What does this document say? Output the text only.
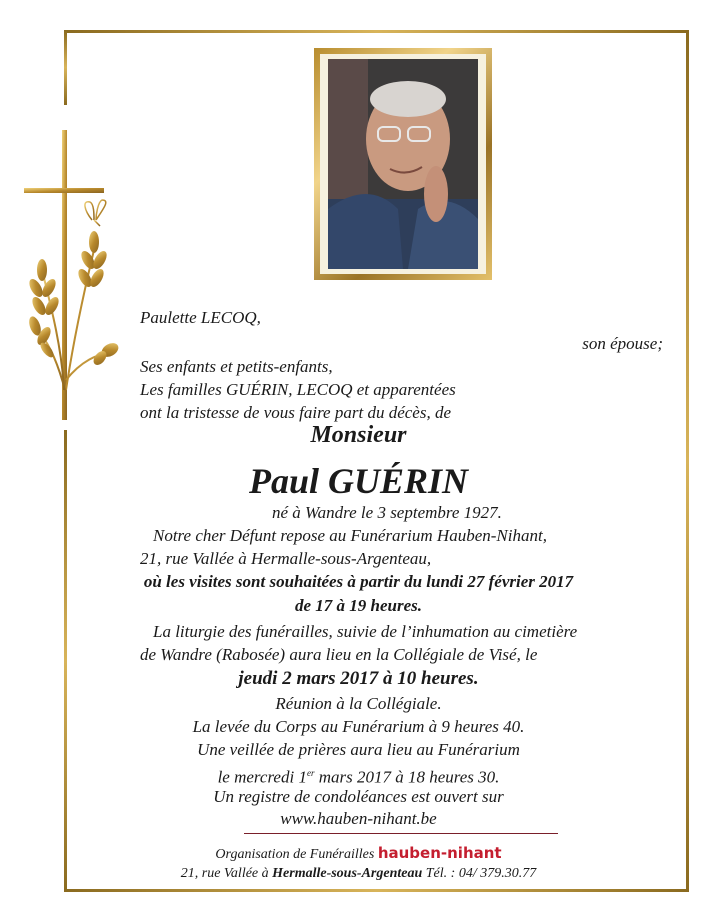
Paulette LECOQ,
son épouse;
Ses enfants et petits-enfants,
Les familles GUÉRIN, LECOQ et apparentées
ont la tristesse de vous faire part du décès, de
Monsieur
Paul GUÉRIN
né à Wandre le 3 septembre 1927.
Notre cher Défunt repose au Funérarium Hauben-Nihant,
21, rue Vallée à Hermalle-sous-Argenteau,
où les visites sont souhaitées à partir du lundi 27 février 2017
de 17 à 19 heures.
La liturgie des funérailles, suivie de l’inhumation au cimetière
de Wandre (Rabosée) aura lieu en la Collégiale de Visé, le
jeudi 2 mars 2017 à 10 heures.
Réunion à la Collégiale.
La levée du Corps au Funérarium à 9 heures 40.
Une veillée de prières aura lieu au Funérarium
le mercredi 1er mars 2017 à 18 heures 30.
Un registre de condoléances est ouvert sur
www.hauben-nihant.be
Organisation de Funérailles hauben-nihant
21, rue Vallée à Hermalle-sous-Argenteau Tél. : 04/ 379.30.77
